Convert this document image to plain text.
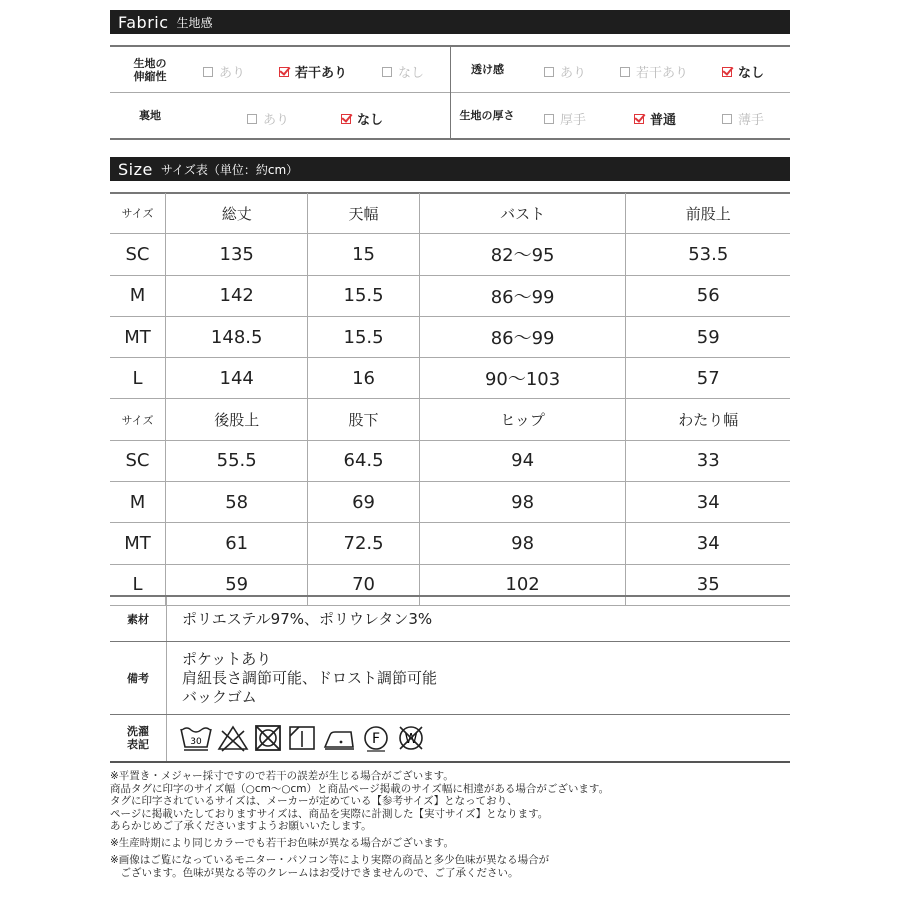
Fabric 生地感
生地の
伸縮性	あり	若干あり	なし	透け感	あり	若干あり	なし
裏地	あり	なし	生地の厚さ	厚手	普通	薄手
Size サイズ表（単位：約cm）
サイズ	総丈	天幅	バスト	前股上
SC	135	15	82〜95	53.5
M	142	15.5	86〜99	56
MT	148.5	15.5	86〜99	59
L	144	16	90〜103	57
サイズ	後股上	股下	ヒップ	わたり幅
SC	55.5	64.5	94	33
M	58	69	98	34
MT	61	72.5	98	34
L	59	70	102	35
素材	ポリエステル97%、ポリウレタン3%
備考
ポケットあり
肩紐長さ調節可能、ドロスト調節可能
バックゴム
洗濯
表記	30	F W
※平置き・メジャー採寸ですので若干の誤差が生じる場合がございます。
商品タグに印字のサイズ幅（○cm〜○cm）と商品ページ掲載のサイズ幅に相違がある場合がございます。
タグに印字されているサイズは、メーカーが定めている【参考サイズ】となっており、
ページに掲載いたしておりますサイズは、商品を実際に計測した【実寸サイズ】となります。
あらかじめご了承くださいますようお願いいたします。
※生産時期により同じカラーでも若干お色味が異なる場合がございます。
※画像はご覧になっているモニター・パソコン等により実際の商品と多少色味が異なる場合が
　ございます。色味が異なる等のクレームはお受けできませんので、ご了承ください。
